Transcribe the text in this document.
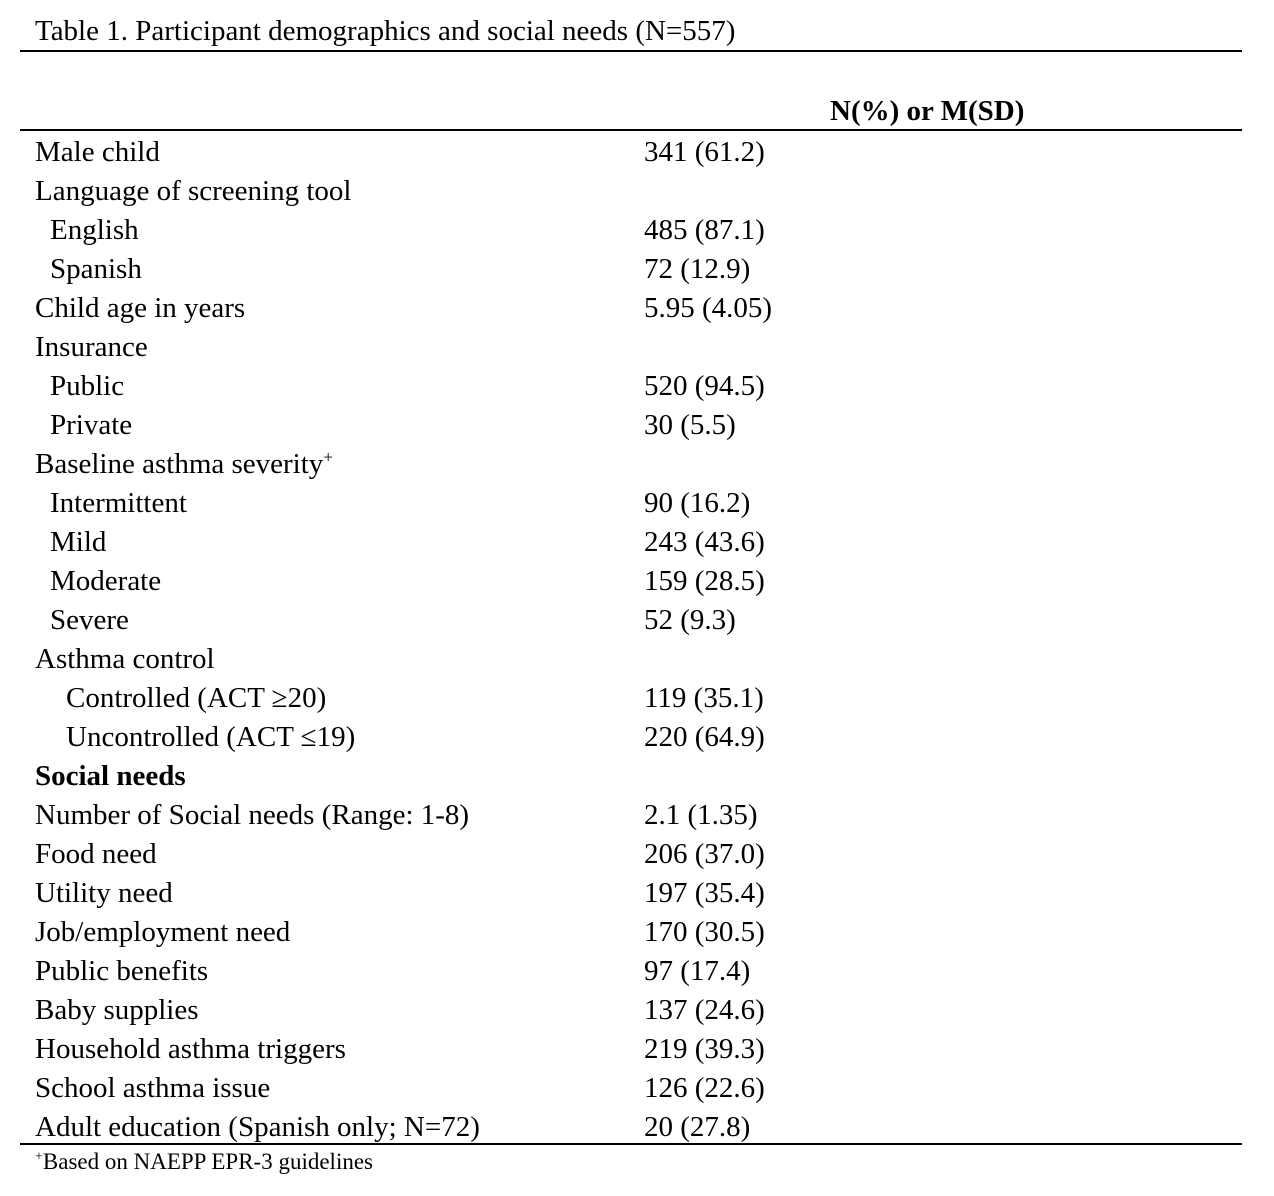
Table 1. Participant demographics and social needs (N=557)
N(%) or M(SD)
Male child	341 (61.2)
Language of screening tool
English	485 (87.1)
Spanish	72 (12.9)
Child age in years	5.95 (4.05)
Insurance
Public	520 (94.5)
Private	30 (5.5)
Baseline asthma severity+
Intermittent	90 (16.2)
Mild	243 (43.6)
Moderate	159 (28.5)
Severe	52 (9.3)
Asthma control
Controlled (ACT ≥20)	119 (35.1)
Uncontrolled (ACT ≤19)	220 (64.9)
Social needs
Number of Social needs (Range: 1-8)	2.1 (1.35)
Food need	206 (37.0)
Utility need	197 (35.4)
Job/employment need	170 (30.5)
Public benefits	97 (17.4)
Baby supplies	137 (24.6)
Household asthma triggers	219 (39.3)
School asthma issue	126 (22.6)
Adult education (Spanish only; N=72)	20 (27.8)
+Based on NAEPP EPR-3 guidelines
